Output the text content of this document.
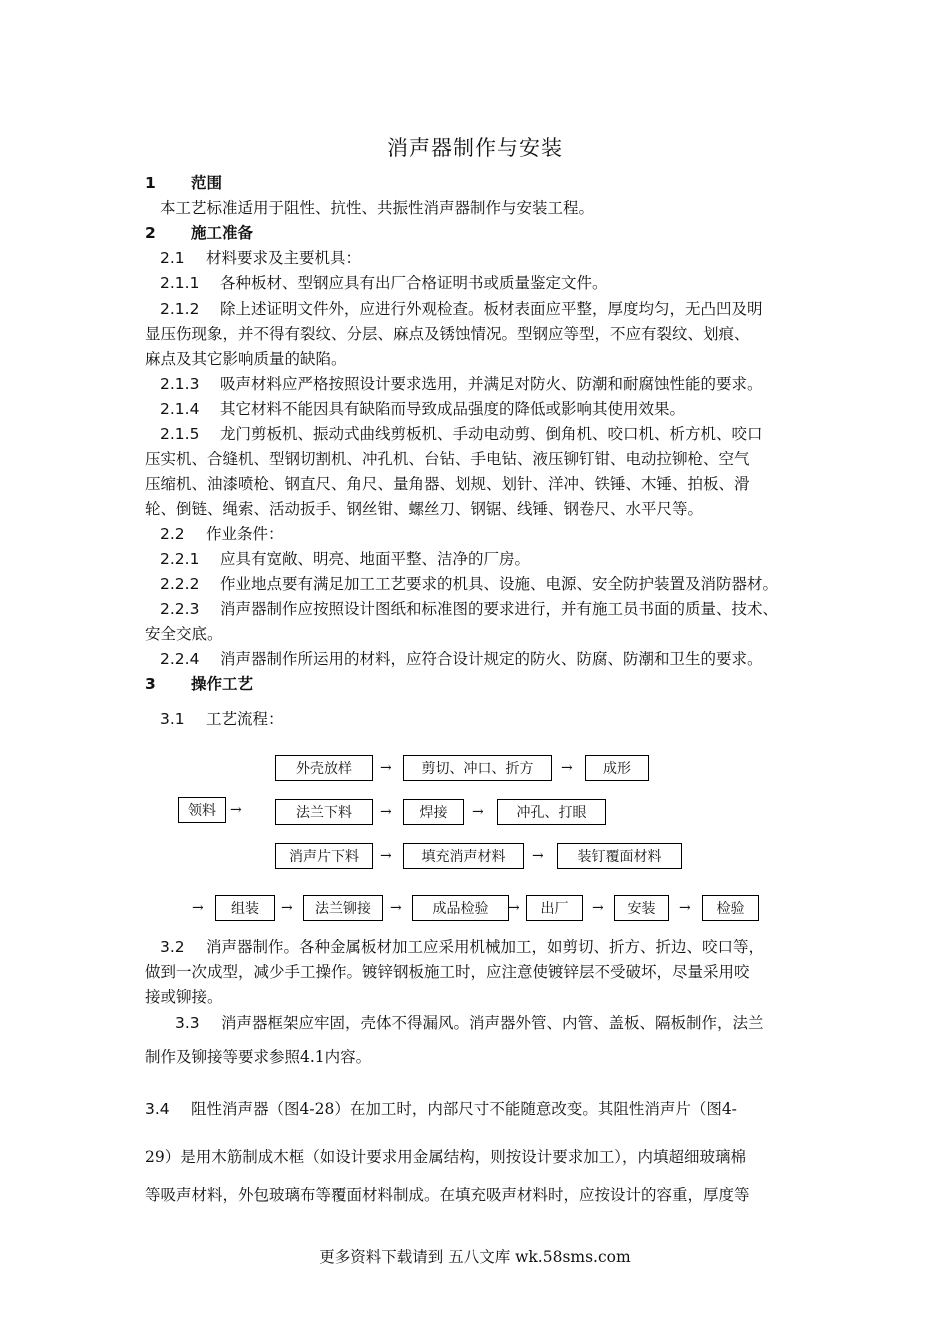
消声器制作与安装
1 范围
本工艺标准适用于阻性、抗性、共振性消声器制作与安装工程。
2 施工准备
2.1 材料要求及主要机具：
2.1.1 各种板材、型钢应具有出厂合格证明书或质量鉴定文件。
2.1.2 除上述证明文件外，应进行外观检查。板材表面应平整，厚度均匀，无凸凹及明
显压伤现象，并不得有裂纹、分层、麻点及锈蚀情况。型钢应等型，不应有裂纹、划痕、
麻点及其它影响质量的缺陷。
2.1.3 吸声材料应严格按照设计要求选用，并满足对防火、防潮和耐腐蚀性能的要求。
2.1.4 其它材料不能因具有缺陷而导致成品强度的降低或影响其使用效果。
2.1.5 龙门剪板机、振动式曲线剪板机、手动电动剪、倒角机、咬口机、析方机、咬口
压实机、合缝机、型钢切割机、冲孔机、台钻、手电钻、液压铆钉钳、电动拉铆枪、空气
压缩机、油漆喷枪、钢直尺、角尺、量角器、划规、划针、洋冲、铁锤、木锤、拍板、滑
轮、倒链、绳索、活动扳手、钢丝钳、螺丝刀、钢锯、线锤、钢卷尺、水平尺等。
2.2 作业条件：
2.2.1 应具有宽敞、明亮、地面平整、洁净的厂房。
2.2.2 作业地点要有满足加工工艺要求的机具、设施、电源、安全防护装置及消防器材。
2.2.3 消声器制作应按照设计图纸和标准图的要求进行，并有施工员书面的质量、技术、
安全交底。
2.2.4 消声器制作所运用的材料，应符合设计规定的防火、防腐、防潮和卫生的要求。
3 操作工艺
3.1 工艺流程：
领料	→
外壳放样	→	剪切、冲口、折方	→	成形
法兰下料	→	焊接	→	冲孔、打眼
消声片下料	→	填充消声材料	→	装钉覆面材料
→	组装	→	法兰铆接	→	成品检验	→	出厂	→	安装	→	检验
3.2 消声器制作。各种金属板材加工应采用机械加工，如剪切、折方、折边、咬口等，
做到一次成型，减少手工操作。镀锌钢板施工时，应注意使镀锌层不受破坏，尽量采用咬
接或铆接。
3.3 消声器框架应牢固，壳体不得漏风。消声器外管、内管、盖板、隔板制作，法兰
制作及铆接等要求参照4.1内容。
3.4 阻性消声器（图4-28）在加工时，内部尺寸不能随意改变。其阻性消声片（图4-
29）是用木筋制成木框（如设计要求用金属结构，则按设计要求加工），内填超细玻璃棉
等吸声材料，外包玻璃布等覆面材料制成。在填充吸声材料时，应按设计的容重，厚度等
更多资料下载请到 五八文库 wk.58sms.com
